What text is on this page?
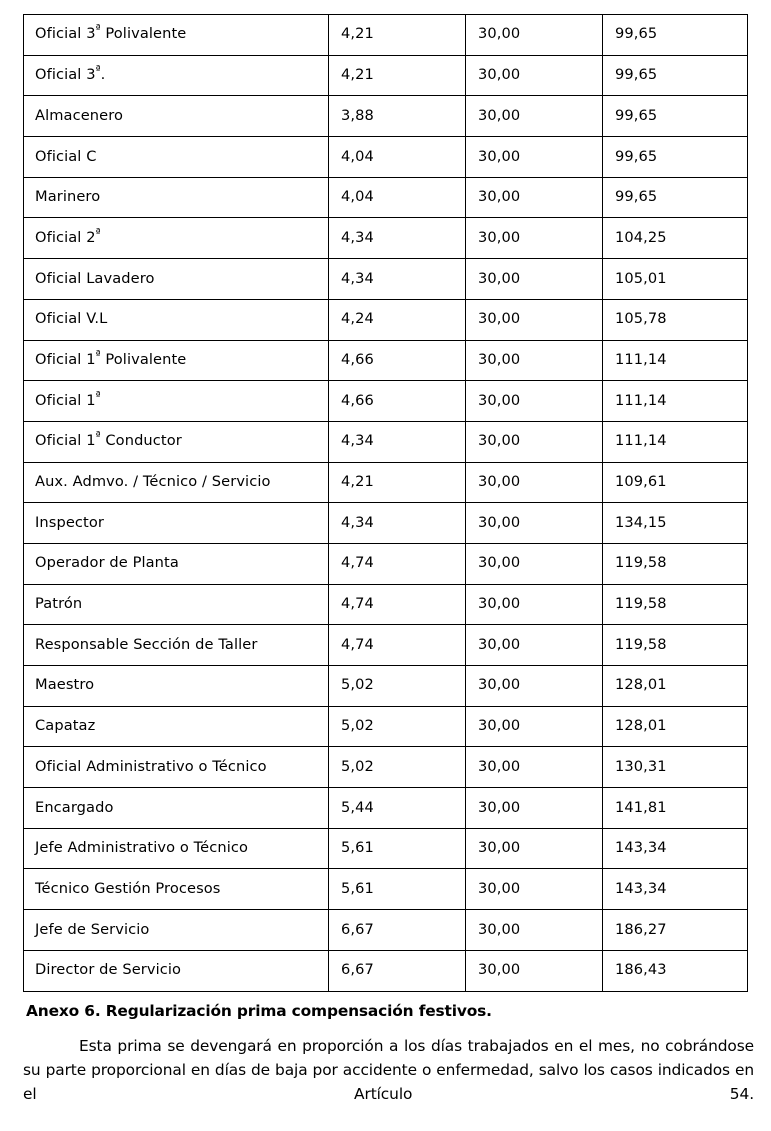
Oficial $3^ª$ Polivalente	4,21	30,00	99,65
Oficial $3^ª$.	4,21	30,00	99,65
Almacenero	3,88	30,00	99,65
Oficial C	4,04	30,00	99,65
Marinero	4,04	30,00	99,65
Oficial $2^ª$	4,34	30,00	104,25
Oficial Lavadero	4,34	30,00	105,01
Oficial V.L	4,24	30,00	105,78
Oficial $1^ª$ Polivalente	4,66	30,00	111,14
Oficial $1^ª$	4,66	30,00	111,14
Oficial $1^ª$ Conductor	4,34	30,00	111,14
Aux. Admvo. / Técnico / Servicio	4,21	30,00	109,61
Inspector	4,34	30,00	134,15
Operador de Planta	4,74	30,00	119,58
Patrón	4,74	30,00	119,58
Responsable Sección de Taller	4,74	30,00	119,58
Maestro	5,02	30,00	128,01
Capataz	5,02	30,00	128,01
Oficial Administrativo o Técnico	5,02	30,00	130,31
Encargado	5,44	30,00	141,81
Jefe Administrativo o Técnico	5,61	30,00	143,34
Técnico Gestión Procesos	5,61	30,00	143,34
Jefe de Servicio	6,67	30,00	186,27
Director de Servicio	6,67	30,00	186,43
Anexo 6. Regularización prima compensación festivos.
Esta prima se devengará en proporción a los días trabajados en el mes, no cobrándose su parte proporcional en días de baja por accidente o enfermedad, salvo los casos indicados en el Artículo 54.
